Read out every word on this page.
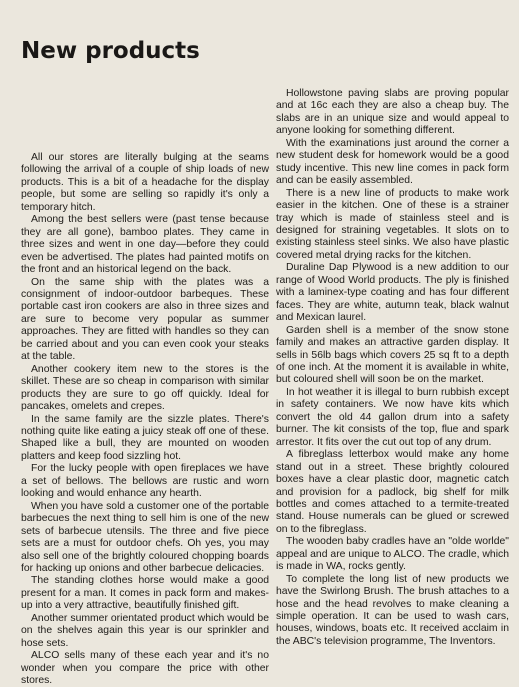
New products

All our stores are literally bulging at the seams following the arrival of a couple of ship loads of new products. This is a bit of a headache for the display people, but some are selling so rapidly it's only a temporary hitch.

Among the best sellers were (past tense because they are all gone), bamboo plates. They came in three sizes and went in one day—before they could even be advertised. The plates had painted motifs on the front and an historical legend on the back.

On the same ship with the plates was a consignment of indoor-outdoor barbeques. These portable cast iron cookers are also in three sizes and are sure to become very popular as summer approaches. They are fitted with handles so they can be carried about and you can even cook your steaks at the table.

Another cookery item new to the stores is the skillet. These are so cheap in comparison with similar products they are sure to go off quickly. Ideal for pancakes, omelets and crepes.

In the same family are the sizzle plates. There's nothing quite like eating a juicy steak off one of these. Shaped like a bull, they are mounted on wooden platters and keep food sizzling hot.

For the lucky people with open fireplaces we have a set of bellows. The bellows are rustic and worn looking and would enhance any hearth.

When you have sold a customer one of the portable barbecues the next thing to sell him is one of the new sets of barbecue utensils. The three and five piece sets are a must for outdoor chefs. Oh yes, you may also sell one of the brightly coloured chopping boards for hacking up onions and other barbecue delicacies.

The standing clothes horse would make a good present for a man. It comes in pack form and makes-up into a very attractive, beautifully finished gift.

Another summer orientated product which would be on the shelves again this year is our sprinkler and hose sets.

ALCO sells many of these each year and it's no wonder when you compare the price with other stores.

Hollowstone paving slabs are proving popular and at 16c each they are also a cheap buy. The slabs are in an unique size and would appeal to anyone looking for something different.

With the examinations just around the corner a new student desk for homework would be a good study incentive. This new line comes in pack form and can be easily assembled.

There is a new line of products to make work easier in the kitchen. One of these is a strainer tray which is made of stainless steel and is designed for straining vegetables. It slots on to existing stainless steel sinks. We also have plastic covered metal drying racks for the kitchen.

Duraline Dap Plywood is a new addition to our range of Wood World products. The ply is finished with a laminex-type coating and has four different faces. They are white, autumn teak, black walnut and Mexican laurel.

Garden shell is a member of the snow stone family and makes an attractive garden display. It sells in 56lb bags which covers 25 sq ft to a depth of one inch. At the moment it is available in white, but coloured shell will soon be on the market.

In hot weather it is illegal to burn rubbish except in safety containers. We now have kits which convert the old 44 gallon drum into a safety burner. The kit consists of the top, flue and spark arrestor. It fits over the cut out top of any drum.

A fibreglass letterbox would make any home stand out in a street. These brightly coloured boxes have a clear plastic door, magnetic catch and provision for a padlock, big shelf for milk bottles and comes attached to a termite-treated stand. House numerals can be glued or screwed on to the fibreglass.

The wooden baby cradles have an "olde worlde" appeal and are unique to ALCO. The cradle, which is made in WA, rocks gently.

To complete the long list of new products we have the Swirlong Brush. The brush attaches to a hose and the head revolves to make cleaning a simple operation. It can be used to wash cars, houses, windows, boats etc. It received acclaim in the ABC's television programme, The Inventors.
